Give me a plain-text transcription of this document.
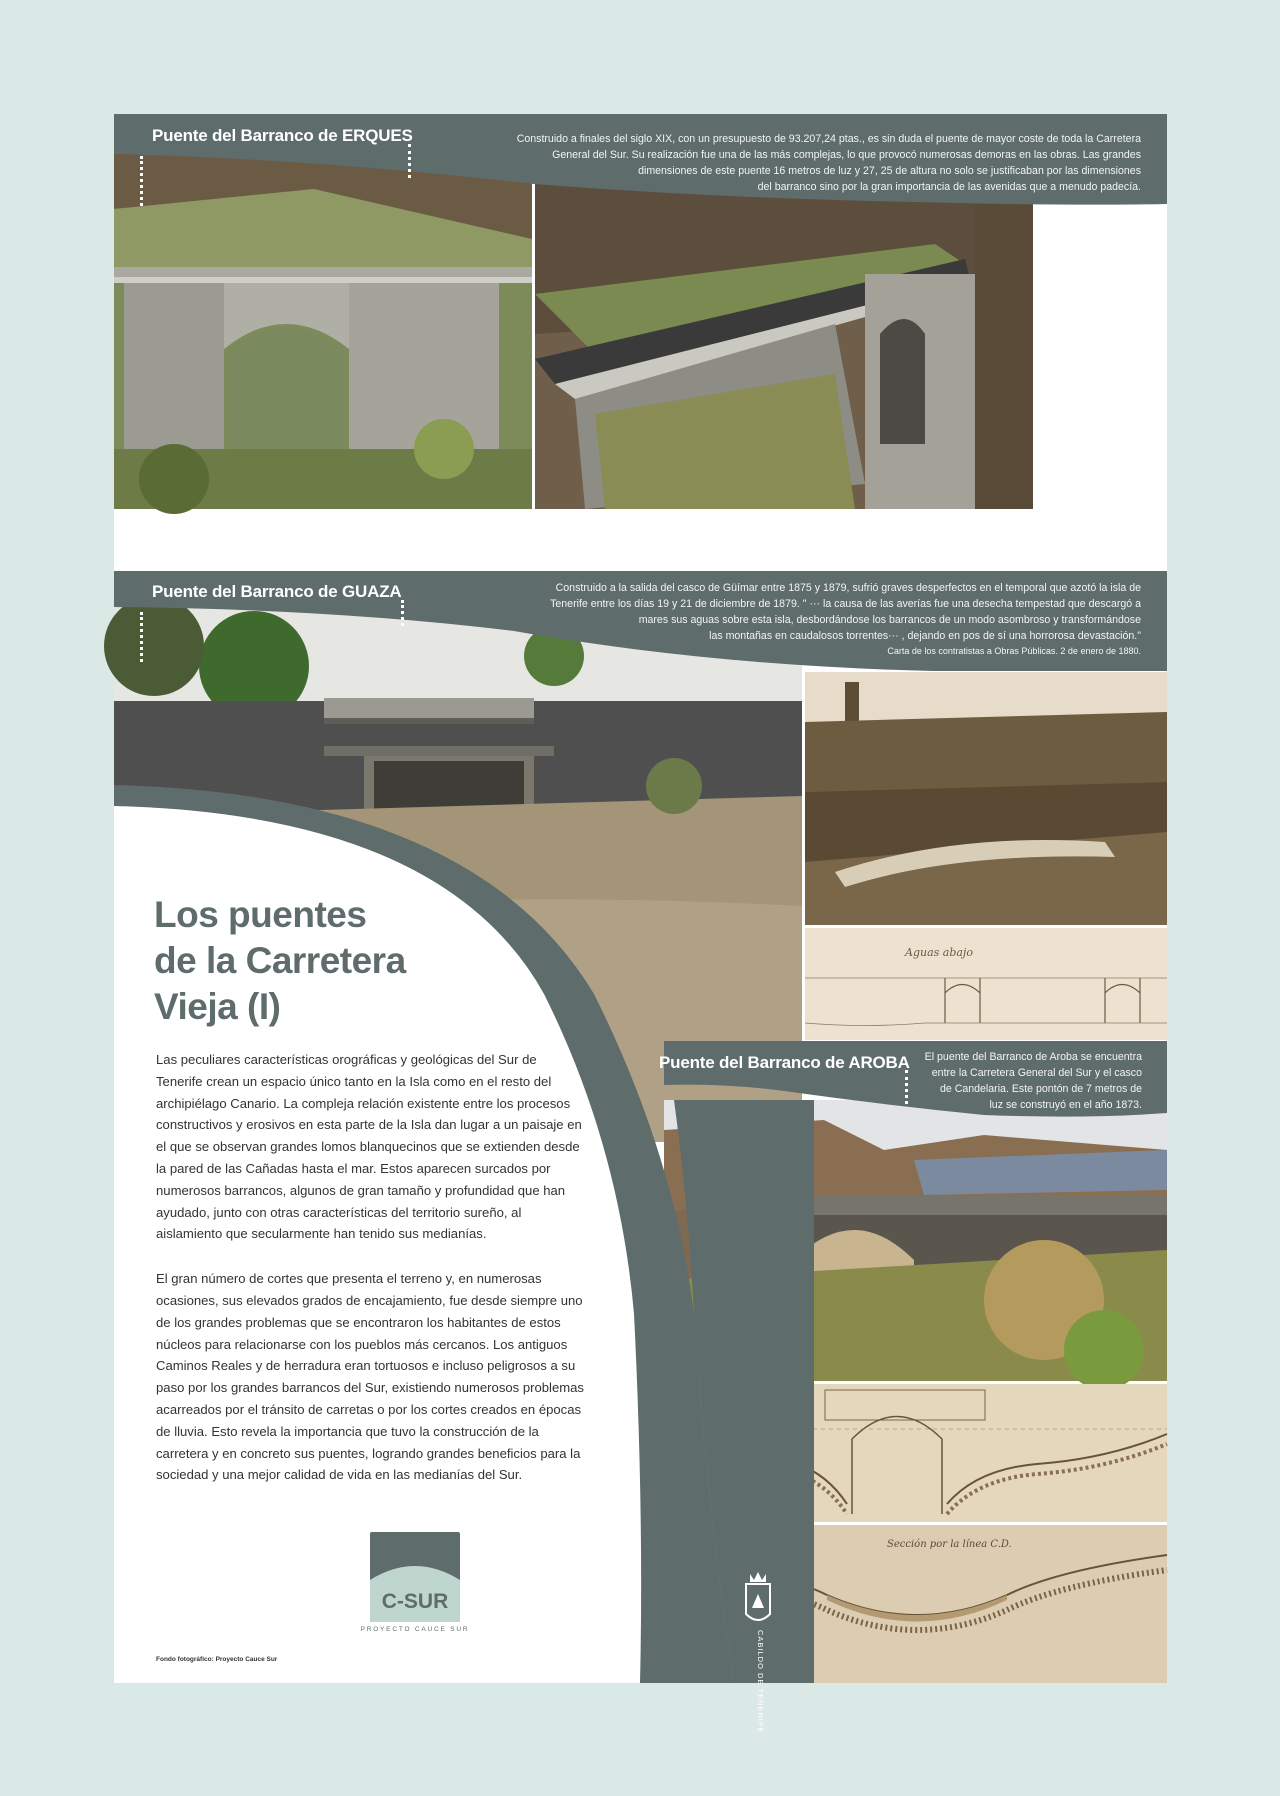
Puente del Barranco de ERQUES	Construido a finales del siglo XIX, con un presupuesto de 93.207,24 ptas., es sin duda el puente de mayor coste de toda la Carretera

General del Sur. Su realización fue una de las más complejas, lo que provocó numerosas demoras en las obras. Las grandes

dimensiones de este puente 16 metros de luz y 27, 25 de altura no solo se justificaban por las dimensiones

del barranco sino por la gran importancia de las avenidas que a menudo padecía.

Aguas abajo
Puente del Barranco de GUAZA	Construido a la salida del casco de Güímar entre 1875 y 1879, sufrió graves desperfectos en el temporal que azotó la isla de

Tenerife entre los días 19 y 21 de diciembre de 1879. " ··· la causa de las averías fue una desecha tempestad que descargó a

mares sus aguas sobre esta isla, desbordándose los barrancos de un modo asombroso y transformándose

las montañas en caudalosos torrentes··· , dejando en pos de sí una horrorosa devastación."

Carta de los contratistas a Obras Públicas. 2 de enero de 1880.

Sección por la línea C.D.
Puente del Barranco de AROBA	El puente del Barranco de Aroba se encuentra

entre la Carretera General del Sur y el casco

de Candelaria. Este pontón de 7 metros de

luz se construyó en el año 1873.

Los puentes
de la Carretera
Vieja (I)

Las peculiares características orográficas y geológicas del Sur de Tenerife crean un espacio único tanto en la Isla como en el resto del archipiélago Canario. La compleja relación existente entre los procesos constructivos y erosivos en esta parte de la Isla dan lugar a un paisaje en el que se observan grandes lomos blanquecinos que se extienden desde la pared de las Cañadas hasta el mar. Estos aparecen surcados por numerosos barrancos, algunos de gran tamaño y profundidad que han ayudado, junto con otras características del territorio sureño, al aislamiento que secularmente han tenido sus medianías.

El gran número de cortes que presenta el terreno y, en numerosas ocasiones, sus elevados grados de encajamiento, fue desde siempre uno de los grandes problemas que se encontraron los habitantes de estos núcleos para relacionarse con los pueblos más cercanos. Los antiguos Caminos Reales y de herradura eran tortuosos e incluso peligrosos a su paso por los grandes barrancos del Sur, existiendo numerosos problemas acarreados por el tránsito de carretas o por los cortes creados en épocas de lluvia. Esto revela la importancia que tuvo la construcción de la carretera y en concreto sus puentes, logrando grandes beneficios para la sociedad y una mejor calidad de vida en las medianías del Sur.

C-SUR
PROYECTO CAUCE SUR
Fondo fotográfico: Proyecto Cauce Sur	CABILDO DE TENERIFE
